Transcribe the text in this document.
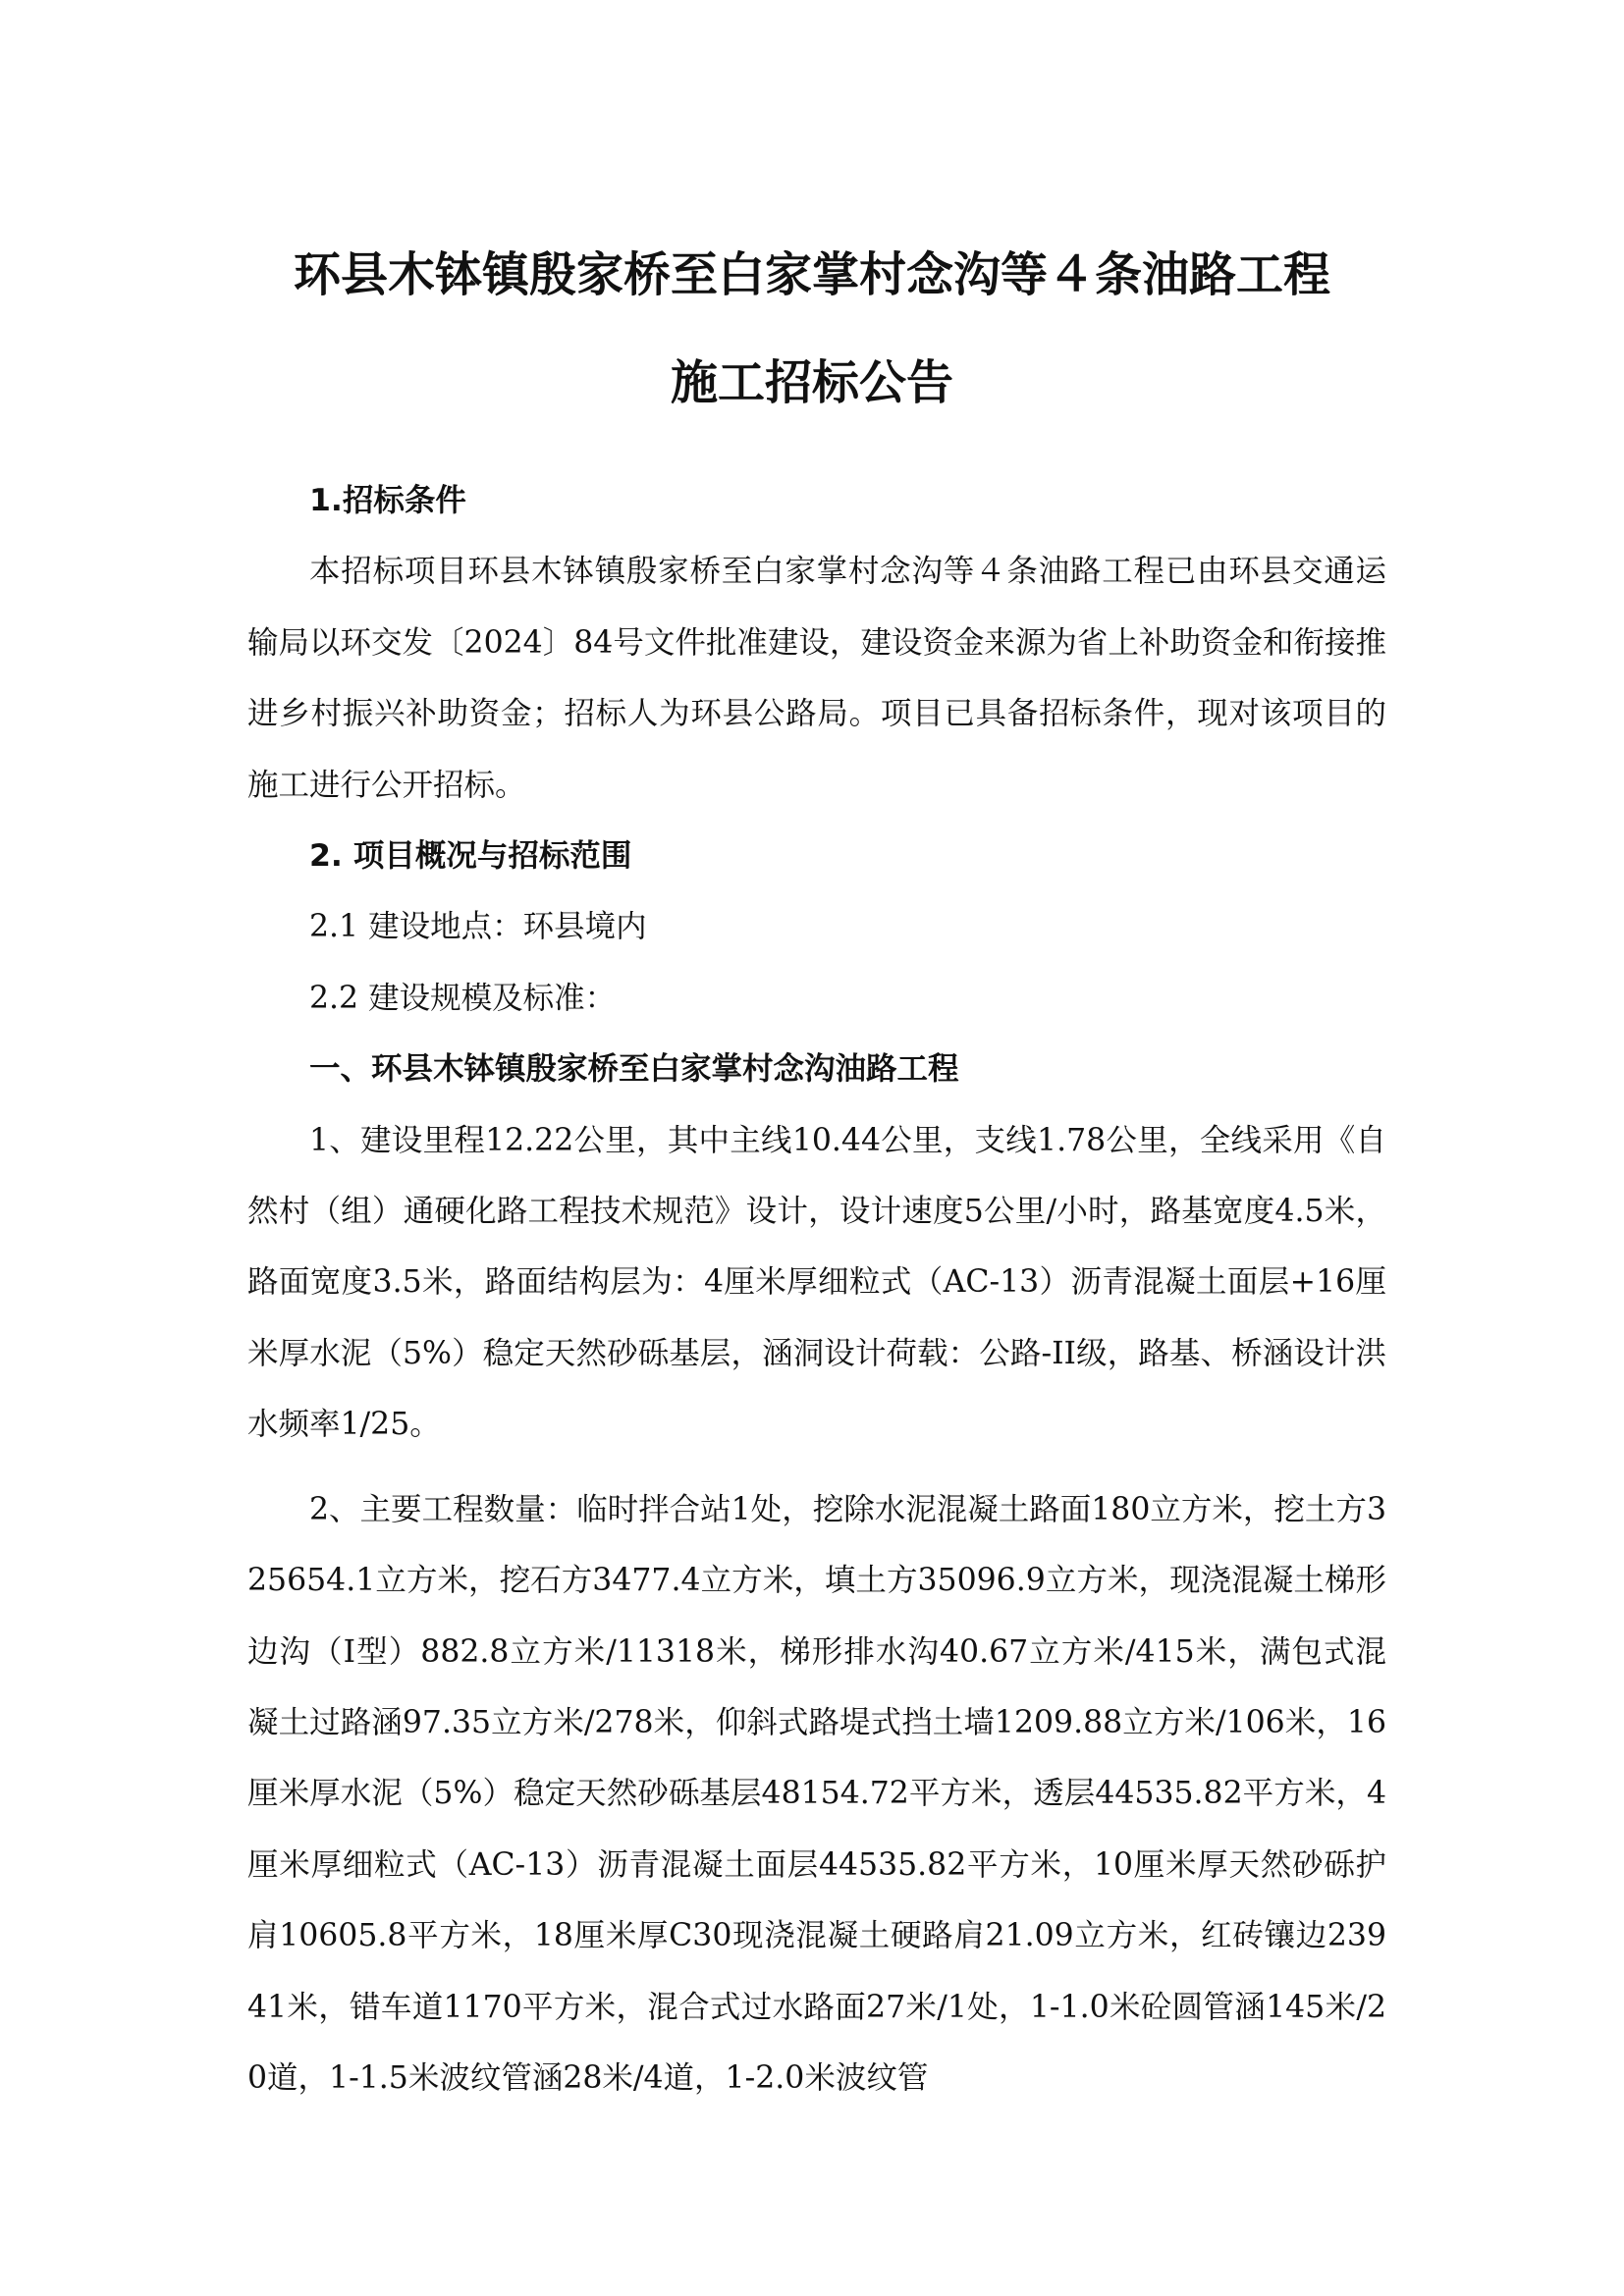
环县木钵镇殷家桥至白家掌村念沟等４条油路工程
施工招标公告

1.招标条件

本招标项目环县木钵镇殷家桥至白家掌村念沟等４条油路工程已由环县交通运输局以环交发〔2024〕84号文件批准建设，建设资金来源为省上补助资金和衔接推进乡村振兴补助资金；招标人为环县公路局。项目已具备招标条件，现对该项目的施工进行公开招标。

2. 项目概况与招标范围

2.1 建设地点：环县境内

2.2 建设规模及标准：

一、环县木钵镇殷家桥至白家掌村念沟油路工程

1、建设里程12.22公里，其中主线10.44公里，支线1.78公里，全线采用《自然村（组）通硬化路工程技术规范》设计，设计速度5公里/小时，路基宽度4.5米，路面宽度3.5米，路面结构层为：4厘米厚细粒式（AC-13）沥青混凝土面层+16厘米厚水泥（5%）稳定天然砂砾基层，涵洞设计荷载：公路-II级，路基、桥涵设计洪水频率1/25。

2、主要工程数量：临时拌合站1处，挖除水泥混凝土路面180立方米，挖土方325654.1立方米，挖石方3477.4立方米，填土方35096.9立方米，现浇混凝土梯形边沟（Ⅰ型）882.8立方米/11318米，梯形排水沟40.67立方米/415米，满包式混凝土过路涵97.35立方米/278米，仰斜式路堤式挡土墙1209.88立方米/106米，16厘米厚水泥（5%）稳定天然砂砾基层48154.72平方米，透层44535.82平方米，4厘米厚细粒式（AC-13）沥青混凝土面层44535.82平方米，10厘米厚天然砂砾护肩10605.8平方米，18厘米厚C30现浇混凝土硬路肩21.09立方米，红砖镶边23941米，错车道1170平方米，混合式过水路面27米/1处，1-1.0米砼圆管涵145米/20道，1-1.5米波纹管涵28米/4道，1-2.0米波纹管
